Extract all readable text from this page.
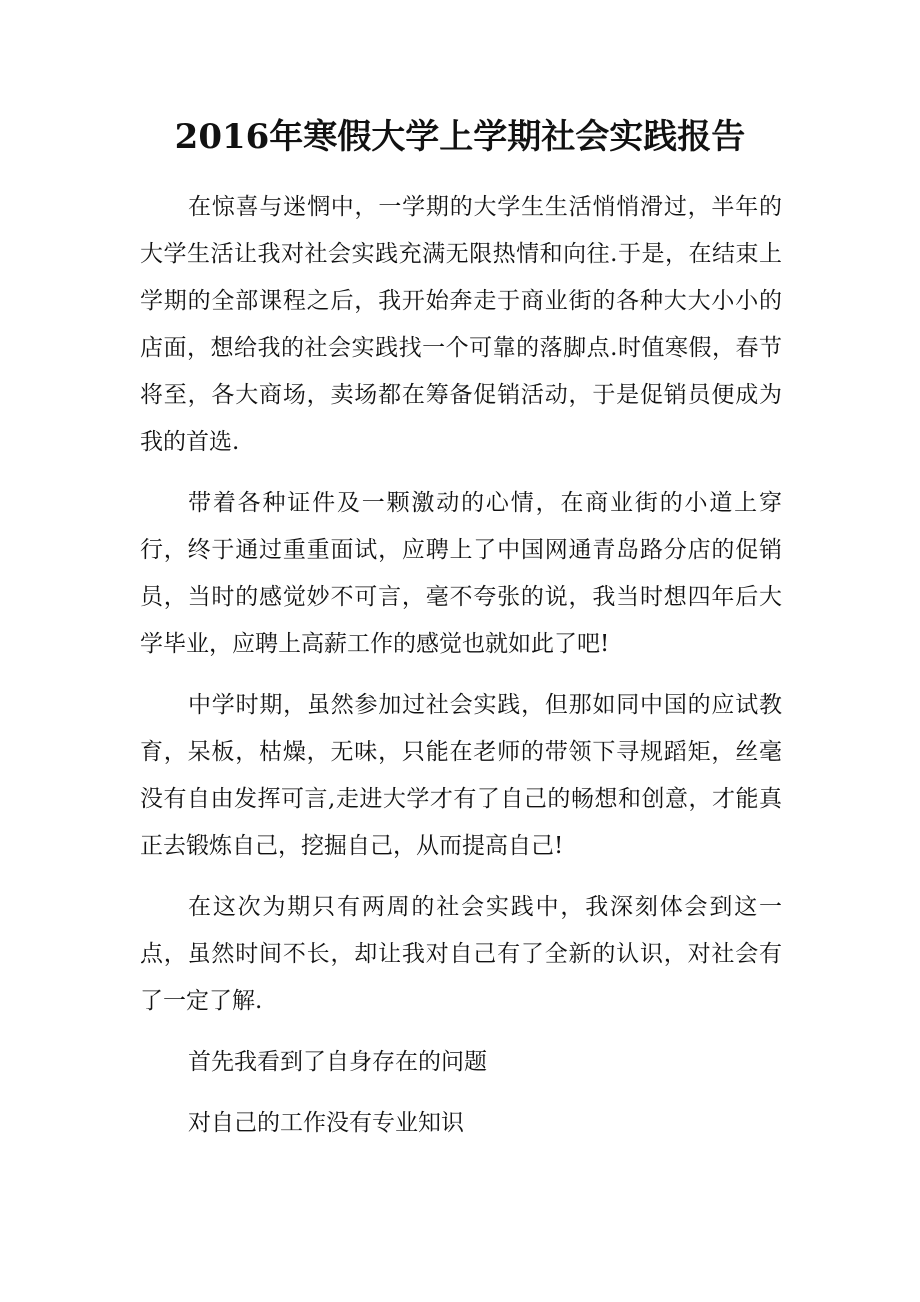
2016年寒假大学上学期社会实践报告

在惊喜与迷惘中，一学期的大学生生活悄悄滑过，半年的大学生活让我对社会实践充满无限热情和向往.于是，在结束上学期的全部课程之后，我开始奔走于商业街的各种大大小小的店面，想给我的社会实践找一个可靠的落脚点.时值寒假，春节将至，各大商场，卖场都在筹备促销活动，于是促销员便成为我的首选.

带着各种证件及一颗激动的心情，在商业街的小道上穿行，终于通过重重面试，应聘上了中国网通青岛路分店的促销员，当时的感觉妙不可言，毫不夸张的说，我当时想四年后大学毕业，应聘上高薪工作的感觉也就如此了吧!

中学时期，虽然参加过社会实践，但那如同中国的应试教育，呆板，枯燥，无味，只能在老师的带领下寻规蹈矩，丝毫没有自由发挥可言,走进大学才有了自己的畅想和创意，才能真正去锻炼自己，挖掘自己，从而提高自己!

在这次为期只有两周的社会实践中，我深刻体会到这一点，虽然时间不长，却让我对自己有了全新的认识，对社会有了一定了解.

首先我看到了自身存在的问题

对自己的工作没有专业知识
